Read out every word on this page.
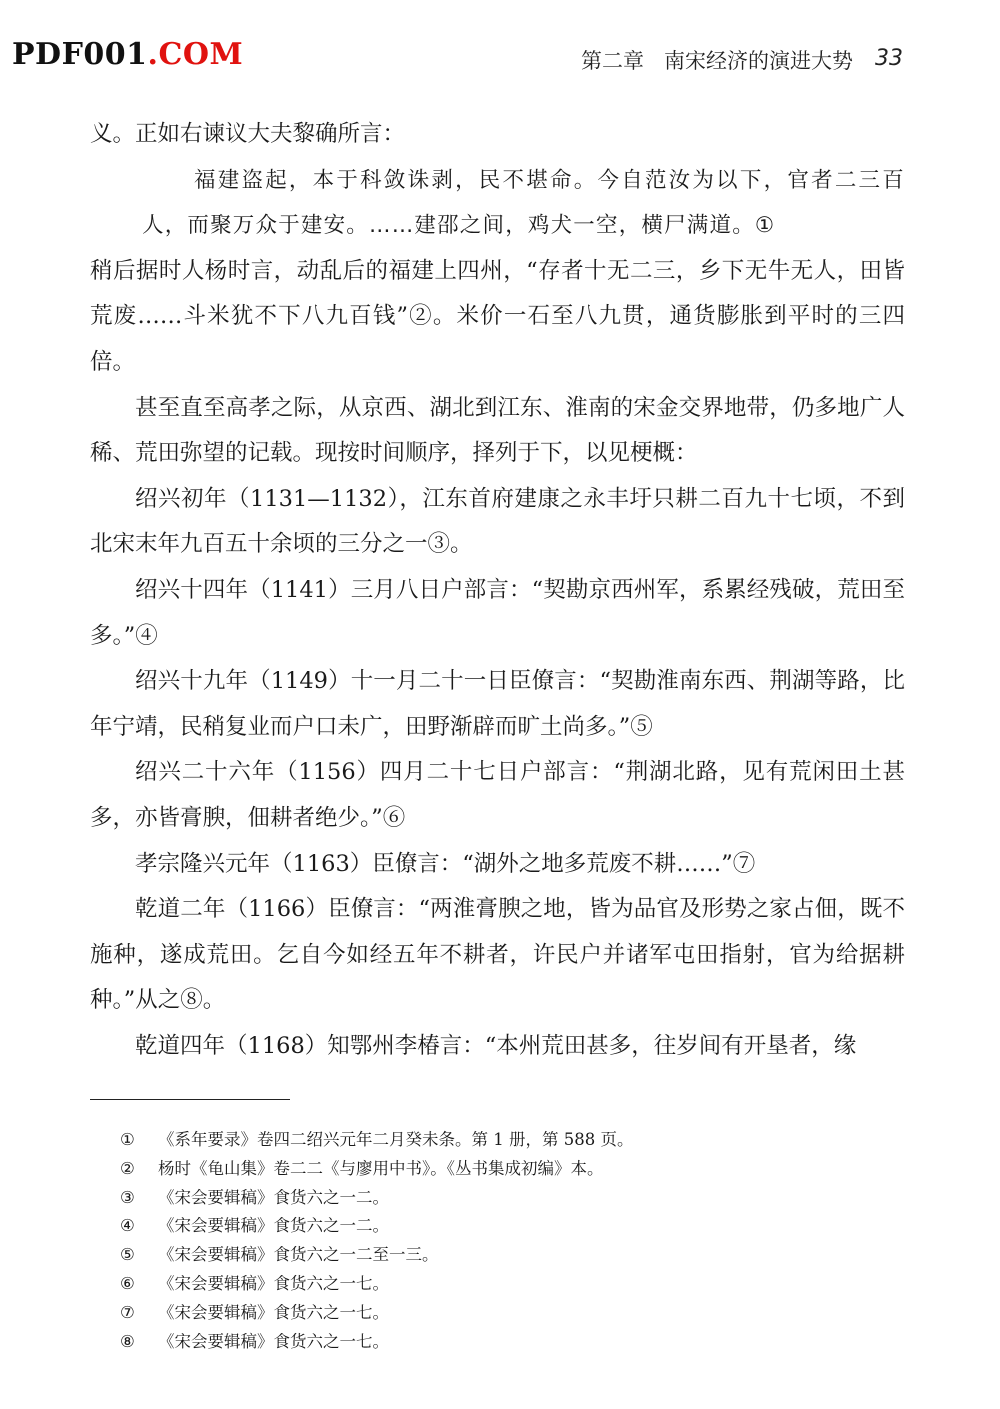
PDF001.COM	第二章 南宋经济的演进大势	33

义。正如右谏议大夫黎确所言：

福建盗起，本于科敛诛剥，民不堪命。今自范汝为以下，官者二三百人，而聚万众于建安。……建邵之间，鸡犬一空，横尸满道。①

稍后据时人杨时言，动乱后的福建上四州，“存者十无二三，乡下无牛无人，田皆荒废……斗米犹不下八九百钱”②。米价一石至八九贯，通货膨胀到平时的三四倍。

甚至直至高孝之际，从京西、湖北到江东、淮南的宋金交界地带，仍多地广人稀、荒田弥望的记载。现按时间顺序，择列于下，以见梗概：

绍兴初年（1131—1132），江东首府建康之永丰圩只耕二百九十七顷，不到北宋末年九百五十余顷的三分之一③。

绍兴十四年（1141）三月八日户部言：“契勘京西州军，系累经残破，荒田至多。”④

绍兴十九年（1149）十一月二十一日臣僚言：“契勘淮南东西、荆湖等路，比年宁靖，民稍复业而户口未广，田野渐辟而旷土尚多。”⑤

绍兴二十六年（1156）四月二十七日户部言：“荆湖北路，见有荒闲田土甚多，亦皆膏腴，佃耕者绝少。”⑥

孝宗隆兴元年（1163）臣僚言：“湖外之地多荒废不耕……”⑦

乾道二年（1166）臣僚言：“两淮膏腴之地，皆为品官及形势之家占佃，既不施种，遂成荒田。乞自今如经五年不耕者，许民户并诸军屯田指射，官为给据耕种。”从之⑧。

乾道四年（1168）知鄂州李椿言：“本州荒田甚多，往岁间有开垦者，缘

①	《系年要录》卷四二绍兴元年二月癸未条。第 1 册，第 588 页。
②	杨时《龟山集》卷二二《与廖用中书》。《丛书集成初编》本。
③	《宋会要辑稿》食货六之一二。
④	《宋会要辑稿》食货六之一二。
⑤	《宋会要辑稿》食货六之一二至一三。
⑥	《宋会要辑稿》食货六之一七。
⑦	《宋会要辑稿》食货六之一七。
⑧	《宋会要辑稿》食货六之一七。
